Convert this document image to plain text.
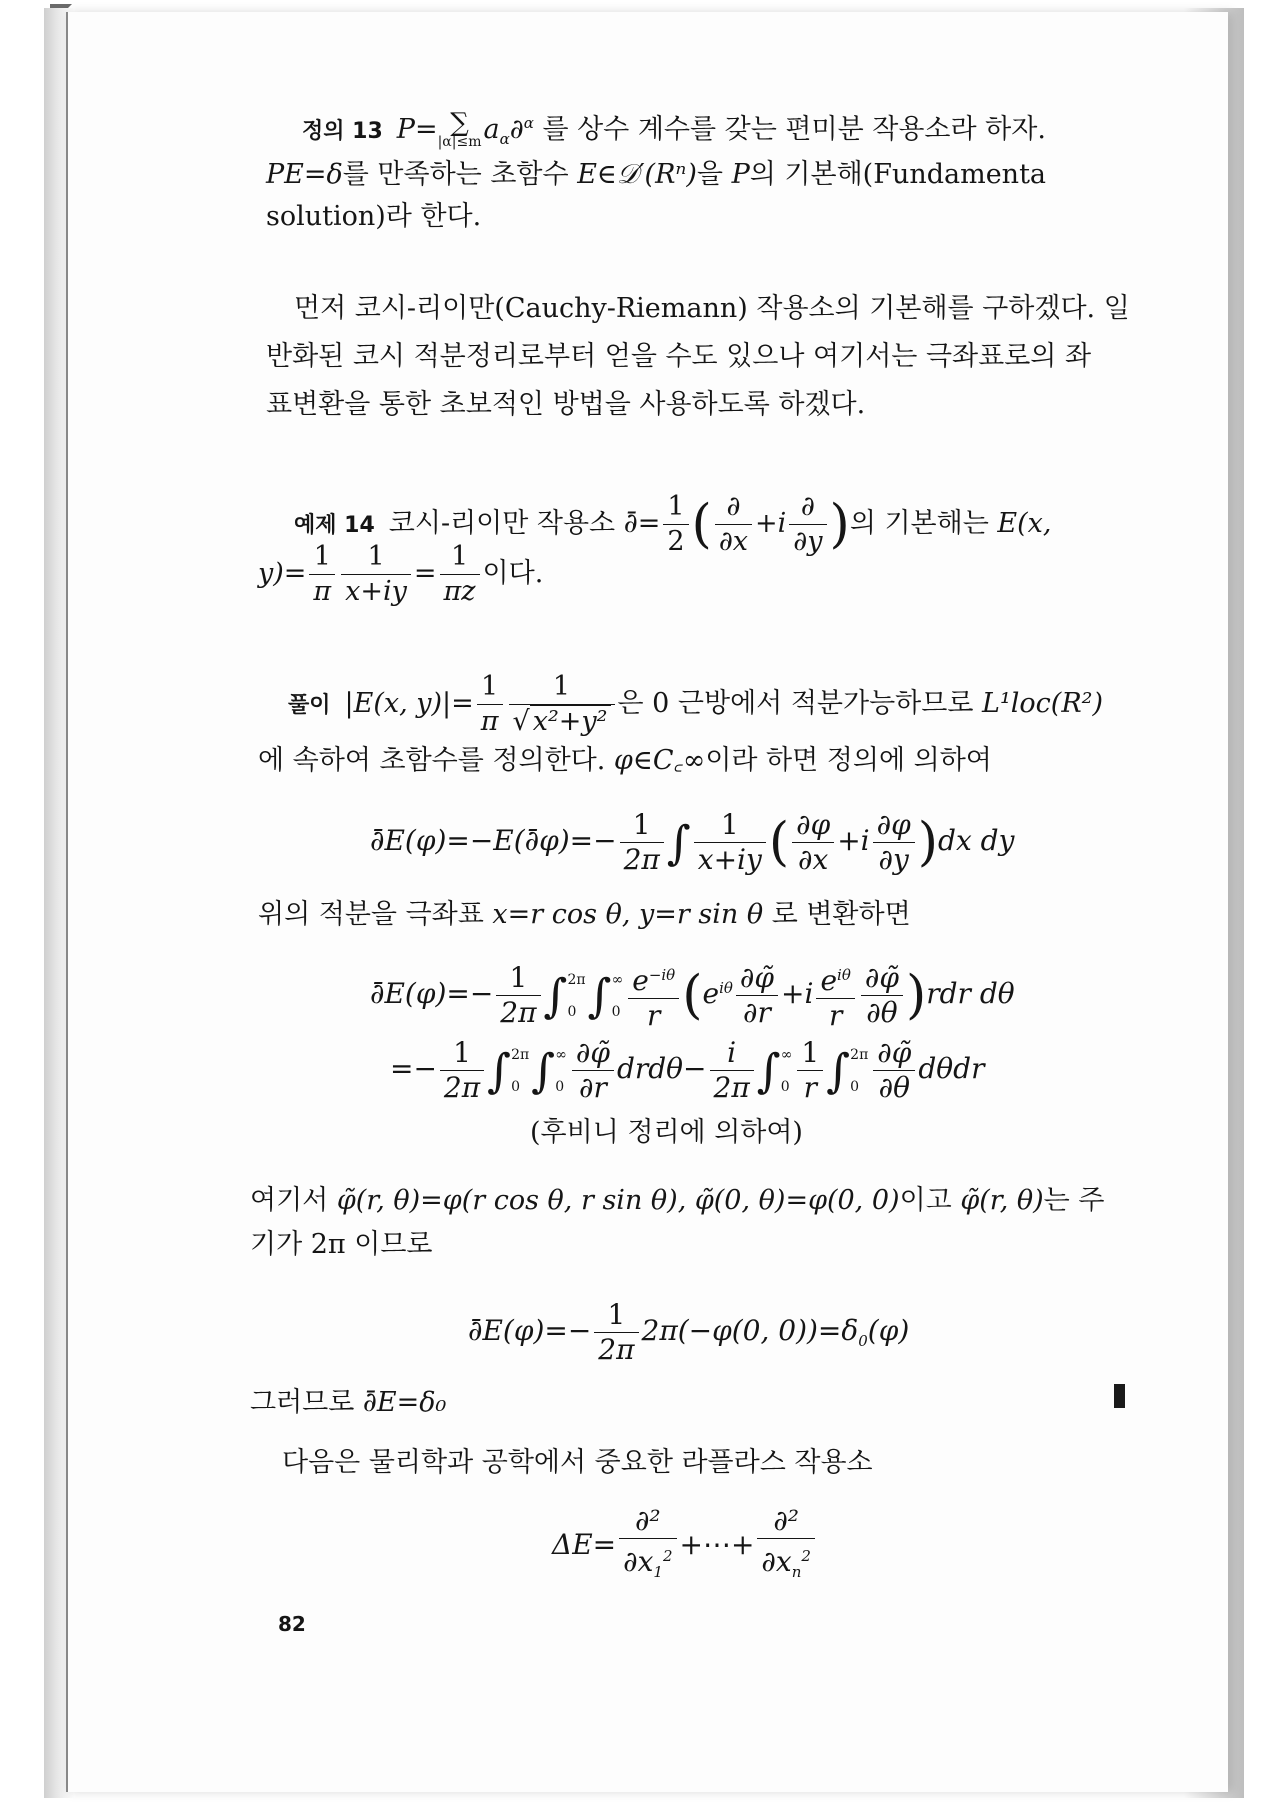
정의 13 P= ∑
$|\alpha|\le ma_\alpha\partial^\alpha$ 를 상수 계수를 갖는 편미분 작용소라 하자.
PE=δ를 만족하는 초함수 E∈𝒟′(Rⁿ)을 P의 기본해(Fundamenta
solution)라 한다.
먼저 코시-리이만(Cauchy-Riemann) 작용소의 기본해를 구하겠다. 일
반화된 코시 적분정리로부터 얻을 수도 있으나 여기서는 극좌표로의 좌
표변환을 통한 초보적인 방법을 사용하도록 하겠다.
예제 14 코시-리이만 작용소 ∂̄= $\frac{1}{2}$ ( $\frac{\partial}{\partial x} +i \frac{\partial}{\partial y}$ )의 기본해는 E(x,
$y)= \frac{1}{\pi} \frac{1}{x+iy} = \frac{1}{\pi z}$ 이다.
풀이 |E(x, $y)|= \frac{1}{\pi} \frac{1}{\text{√ x²+y²}}$ 은 0 근방에서 적분가능하므로 L¹loc(R²)
에 속하여 초함수를 정의한다. φ∈C꜀∞이라 하면 정의에 의하여
∂̄E(φ)=−E(∂̄φ)=− $\frac{1}{2\pi}$ ∫ $\frac{1}{x+iy}$ ( $\frac{\partial\varphi}{\partial x} +i \frac{\partial\varphi}{\partial y} )dx$ dy
위의 적분을 극좌표 x=r cos θ, y=r sin θ 로 변환하면
∂̄E(φ)=− $\frac{1}{2\pi} \int 2\pi$

0 ∫∞

$0 \frac{e^{-i\theta}}{r} (e^{i\theta} \frac{\partial\varphĩ}{\partial r} +i \frac{e^{i\theta}}{r} \frac{\partial\varphĩ}{\partial\theta} )rdr$ dθ
=− $\frac{1}{2\pi} \int 2\pi$

0 ∫∞

$0 \frac{\partial\varphĩ}{\partial r} drd\theta- \frac{i}{2\pi}$ ∫∞

$0 \frac{1}{r} \int 2\pi$

$0 \frac{\partial\varphĩ}{\partial\theta}$ dθdr
(후비니 정리에 의하여)
여기서 φ̃(r, θ)=φ(r cos θ, r sin θ), φ̃(0, θ)=φ(0, 0)이고 φ̃(r, θ)는 주
기가 2π 이므로
∂̄E(φ)=− $\frac{1}{2\pi} 2\pi(-\varphi(0$, $0))=\delta_0(\varphi)$
그러므로 ∂̄E=δ₀
다음은 물리학과 공학에서 중요한 라플라스 작용소
$\Delta E= \frac{\text{∂²}}{\partial x_1^2}$ +⋯+ $\frac{\text{∂²}}{\partial x_n^2}$
82
